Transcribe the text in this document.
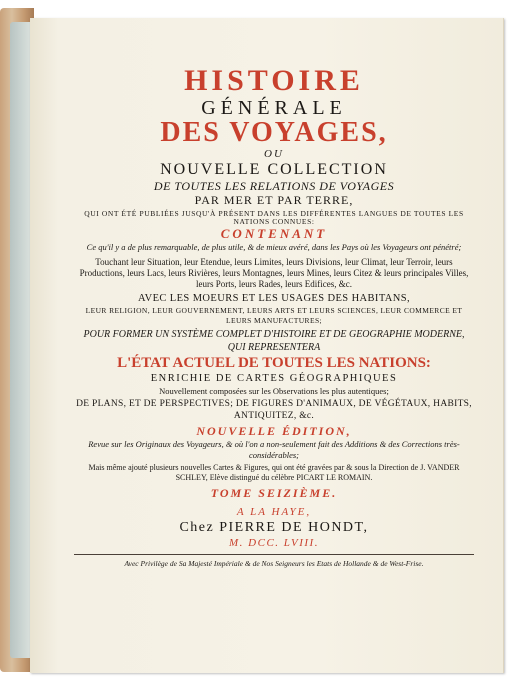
HISTOIRE
GÉNÉRALE
DES VOYAGES,
OU
NOUVELLE COLLECTION
DE TOUTES LES RELATIONS DE VOYAGES
PAR MER ET PAR TERRE,
QUI ONT ÉTÉ PUBLIÉES JUSQU'À PRÉSENT DANS LES DIFFÉRENTES LANGUES DE TOUTES LES NATIONS CONNUES:
CONTENANT
Ce qu'il y a de plus remarquable, de plus utile, & de mieux avéré, dans les Pays où les Voyageurs ont pénétré;
Touchant leur Situation, leur Etendue, leurs Limites, leurs Divisions, leur Climat, leur Terroir, leurs Productions, leurs Lacs, leurs Rivières, leurs Montagnes, leurs Mines, leurs Citez & leurs principales Villes, leurs Ports, leurs Rades, leurs Edifices, &c.
AVEC LES MOEURS ET LES USAGES DES HABITANS,
LEUR RELIGION, LEUR GOUVERNEMENT, LEURS ARTS ET LEURS SCIENCES, LEUR COMMERCE ET LEURS MANUFACTURES;
POUR FORMER UN SYSTÈME COMPLET D'HISTOIRE ET DE GEOGRAPHIE MODERNE, QUI REPRESENTERA
L'ÉTAT ACTUEL DE TOUTES LES NATIONS:
ENRICHIE DE CARTES GÉOGRAPHIQUES
Nouvellement composées sur les Observations les plus autentiques;
DE PLANS, ET DE PERSPECTIVES; DE FIGURES D'ANIMAUX, DE VÉGÉTAUX, HABITS, ANTIQUITEZ, &c.
NOUVELLE ÉDITION,
Revue sur les Originaux des Voyageurs, & où l'on a non-seulement fait des Additions & des Corrections très-considérables;
Mais même ajouté plusieurs nouvelles Cartes & Figures, qui ont été gravées par & sous la Direction de J. VANDER SCHLEY, Elève distingué du célèbre PICART LE ROMAIN.
TOME SEIZIÈME.
A LA HAYE,
Chez PIERRE DE HONDT,
M. DCC. LVIII.
Avec Privilège de Sa Majesté Impériale & de Nos Seigneurs les Etats de Hollande & de West-Frise.
